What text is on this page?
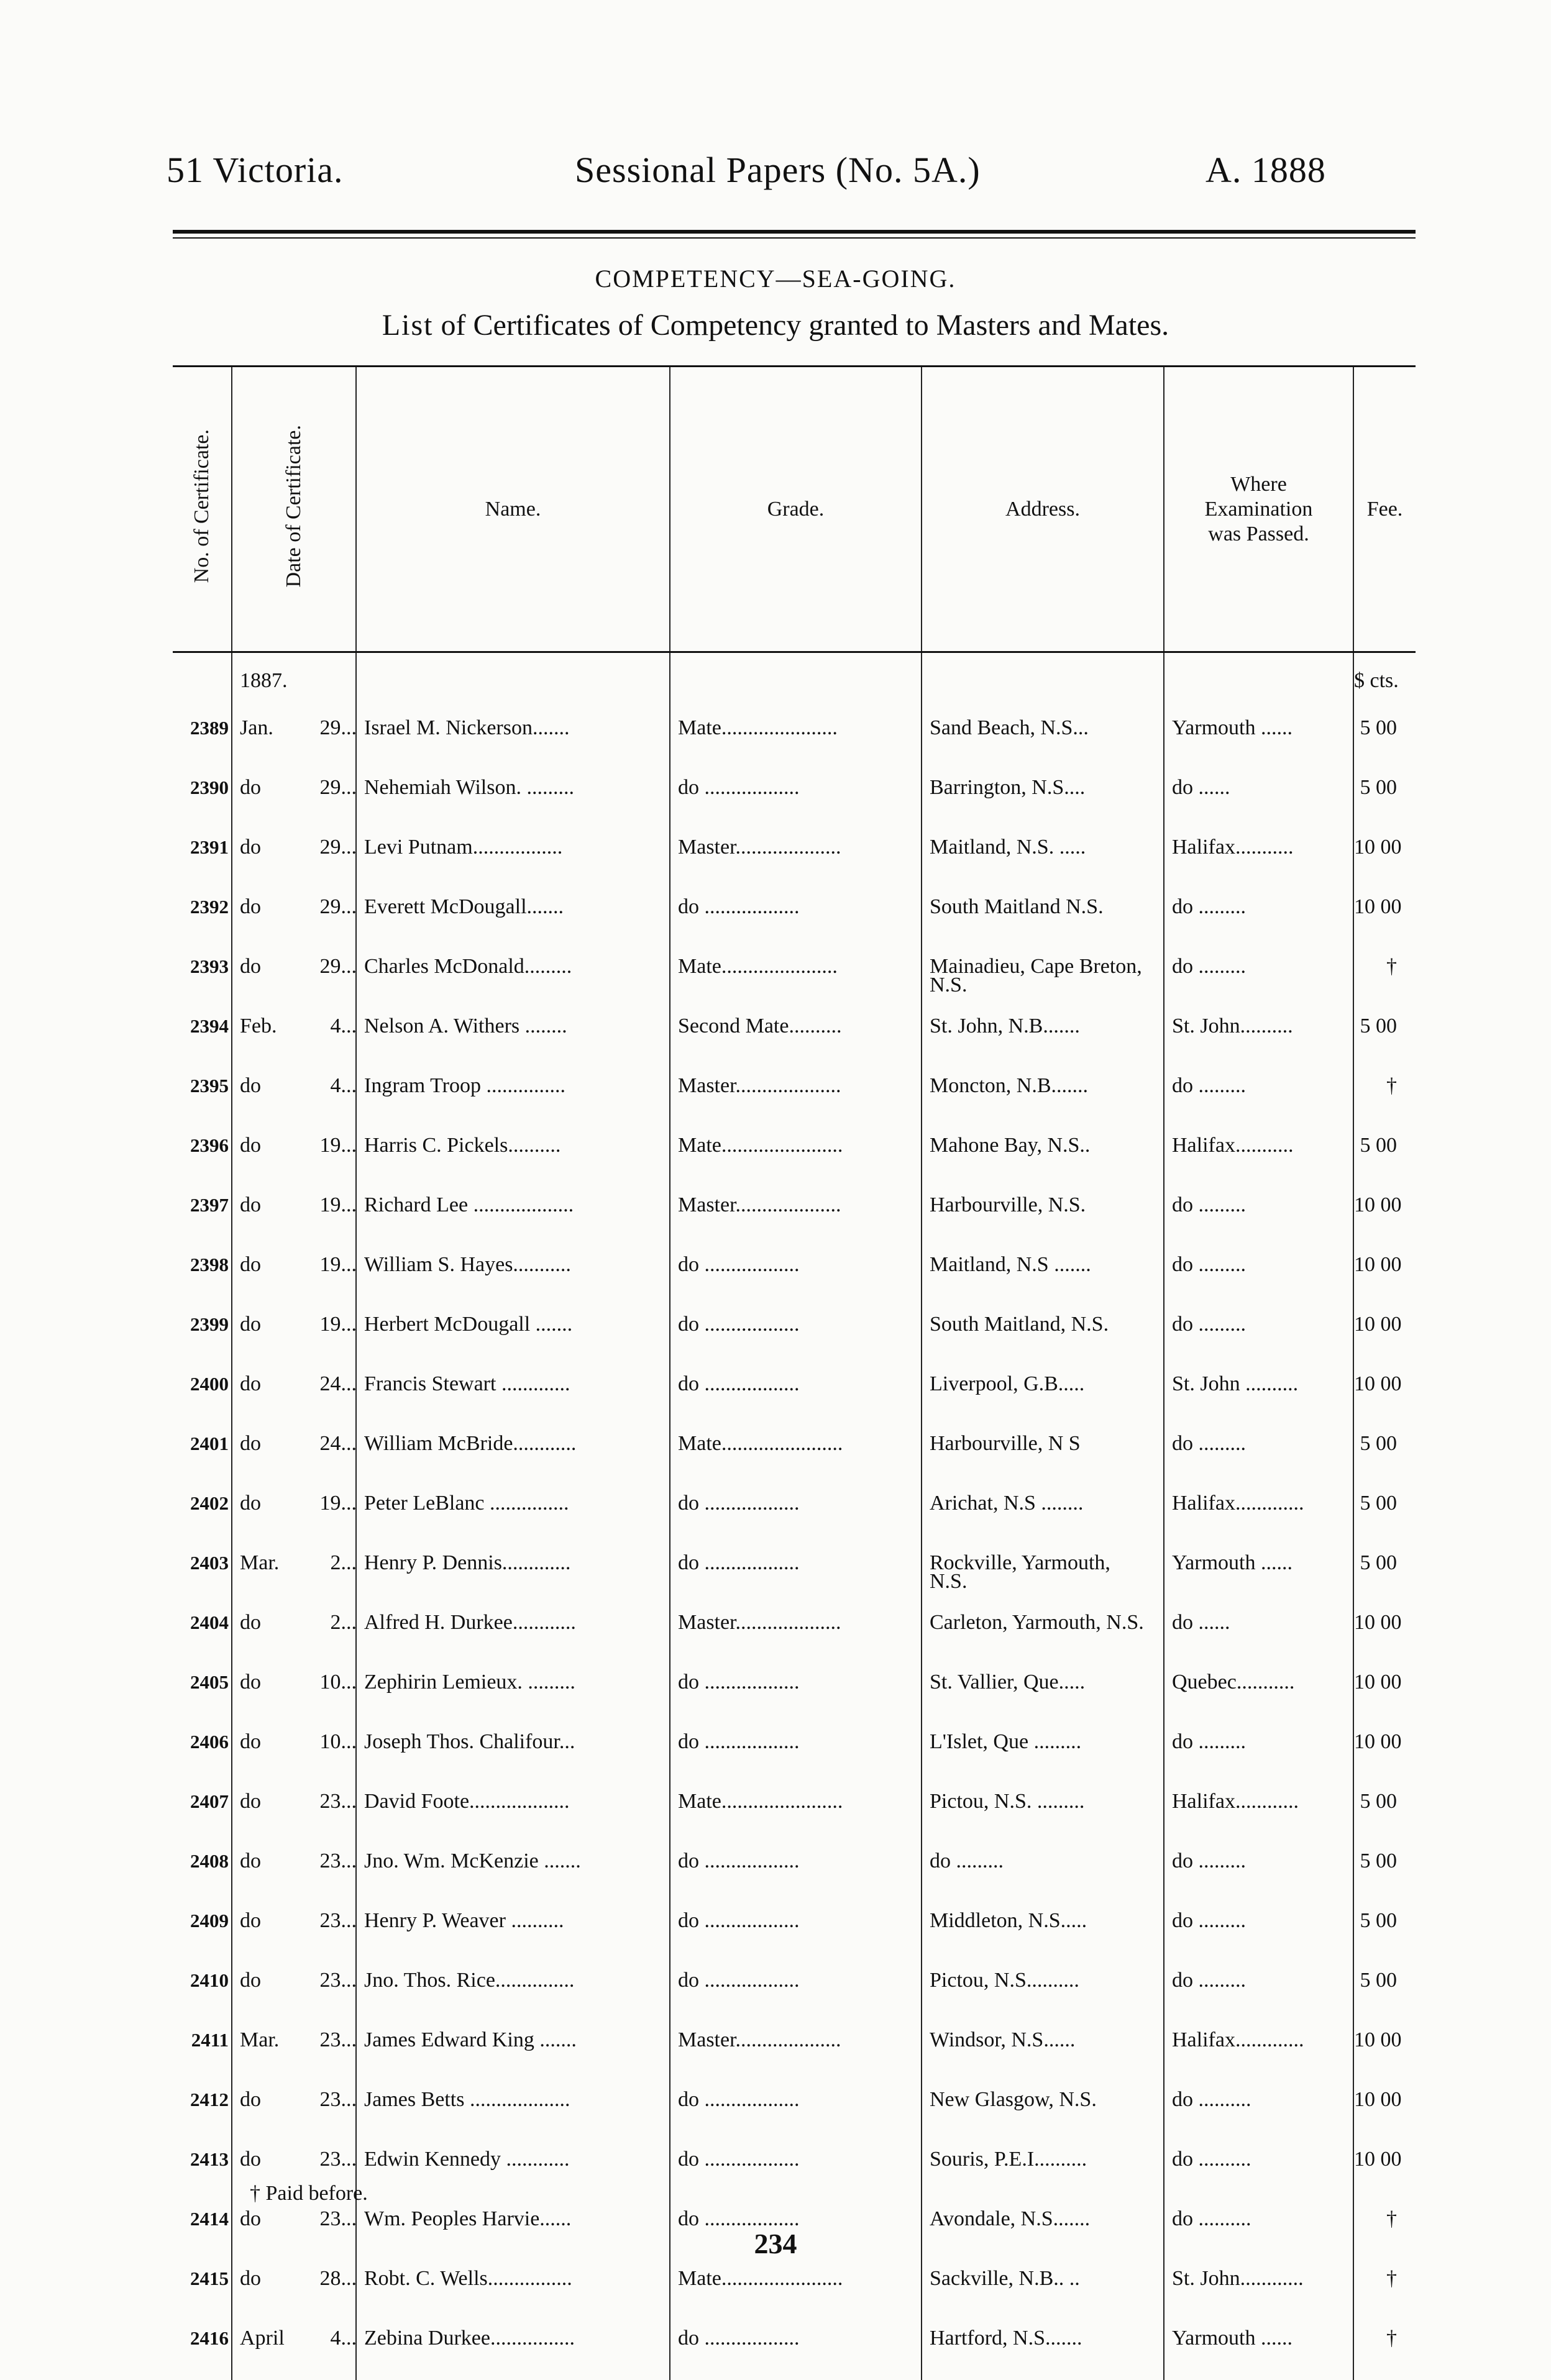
51 Victoria.	Sessional Papers (No. 5A.)	A. 1888
COMPETENCY—SEA-GOING.
List of Certificates of Competency granted to Masters and Mates.
No. of Certificate.	Date of Certificate.	Name.	Grade.	Address.	Where Examination was Passed.	Fee.
	1887.					$ cts.
2389	Jan. 29...	Israel M. Nickerson.......	Mate......................	Sand Beach, N.S...	Yarmouth ......	5 00
2390	do 29...	Nehemiah Wilson. .........	do ..................	Barrington, N.S....	do ......	5 00
2391	do 29...	Levi Putnam.................	Master....................	Maitland, N.S. .....	Halifax...........	10 00
2392	do 29...	Everett McDougall.......	do ..................	South Maitland N.S.	do .........	10 00
2393	do 29...	Charles McDonald.........	Mate......................	Mainadieu, Cape Breton, N.S.	do .........	†
2394	Feb. 4...	Nelson A. Withers ........	Second Mate..........	St. John, N.B.......	St. John..........	5 00
2395	do 4...	Ingram Troop ...............	Master....................	Moncton, N.B.......	do .........	†
2396	do 19...	Harris C. Pickels..........	Mate.......................	Mahone Bay, N.S..	Halifax...........	5 00
2397	do 19...	Richard Lee ...................	Master....................	Harbourville, N.S.	do .........	10 00
2398	do 19...	William S. Hayes...........	do ..................	Maitland, N.S .......	do .........	10 00
2399	do 19...	Herbert McDougall .......	do ..................	South Maitland, N.S.	do .........	10 00
2400	do 24...	Francis Stewart .............	do ..................	Liverpool, G.B.....	St. John ..........	10 00
2401	do 24...	William McBride............	Mate.......................	Harbourville, N S	do .........	5 00
2402	do 19...	Peter LeBlanc ...............	do ..................	Arichat, N.S ........	Halifax.............	5 00
2403	Mar. 2...	Henry P. Dennis.............	do ..................	Rockville, Yarmouth, N.S.	Yarmouth ......	5 00
2404	do 2...	Alfred H. Durkee............	Master....................	Carleton, Yarmouth, N.S.	do ......	10 00
2405	do 10...	Zephirin Lemieux. .........	do ..................	St. Vallier, Que.....	Quebec...........	10 00
2406	do 10...	Joseph Thos. Chalifour...	do ..................	L'Islet, Que .........	do .........	10 00
2407	do 23...	David Foote...................	Mate.......................	Pictou, N.S. .........	Halifax............	5 00
2408	do 23...	Jno. Wm. McKenzie .......	do ..................	do .........	do .........	5 00
2409	do 23...	Henry P. Weaver ..........	do ..................	Middleton, N.S.....	do .........	5 00
2410	do 23...	Jno. Thos. Rice...............	do ..................	Pictou, N.S..........	do .........	5 00
2411	Mar. 23...	James Edward King .......	Master....................	Windsor, N.S......	Halifax.............	10 00
2412	do 23...	James Betts ...................	do ..................	New Glasgow, N.S.	do ..........	10 00
2413	do 23...	Edwin Kennedy ............	do ..................	Souris, P.E.I..........	do ..........	10 00
2414	do 23...	Wm. Peoples Harvie......	do ..................	Avondale, N.S.......	do ..........	†
2415	do 28...	Robt. C. Wells................	Mate.......................	Sackville, N.B.. ..	St. John............	†
2416	April 4...	Zebina Durkee................	do ..................	Hartford, N.S.......	Yarmouth ......	†
† Paid before.
234
